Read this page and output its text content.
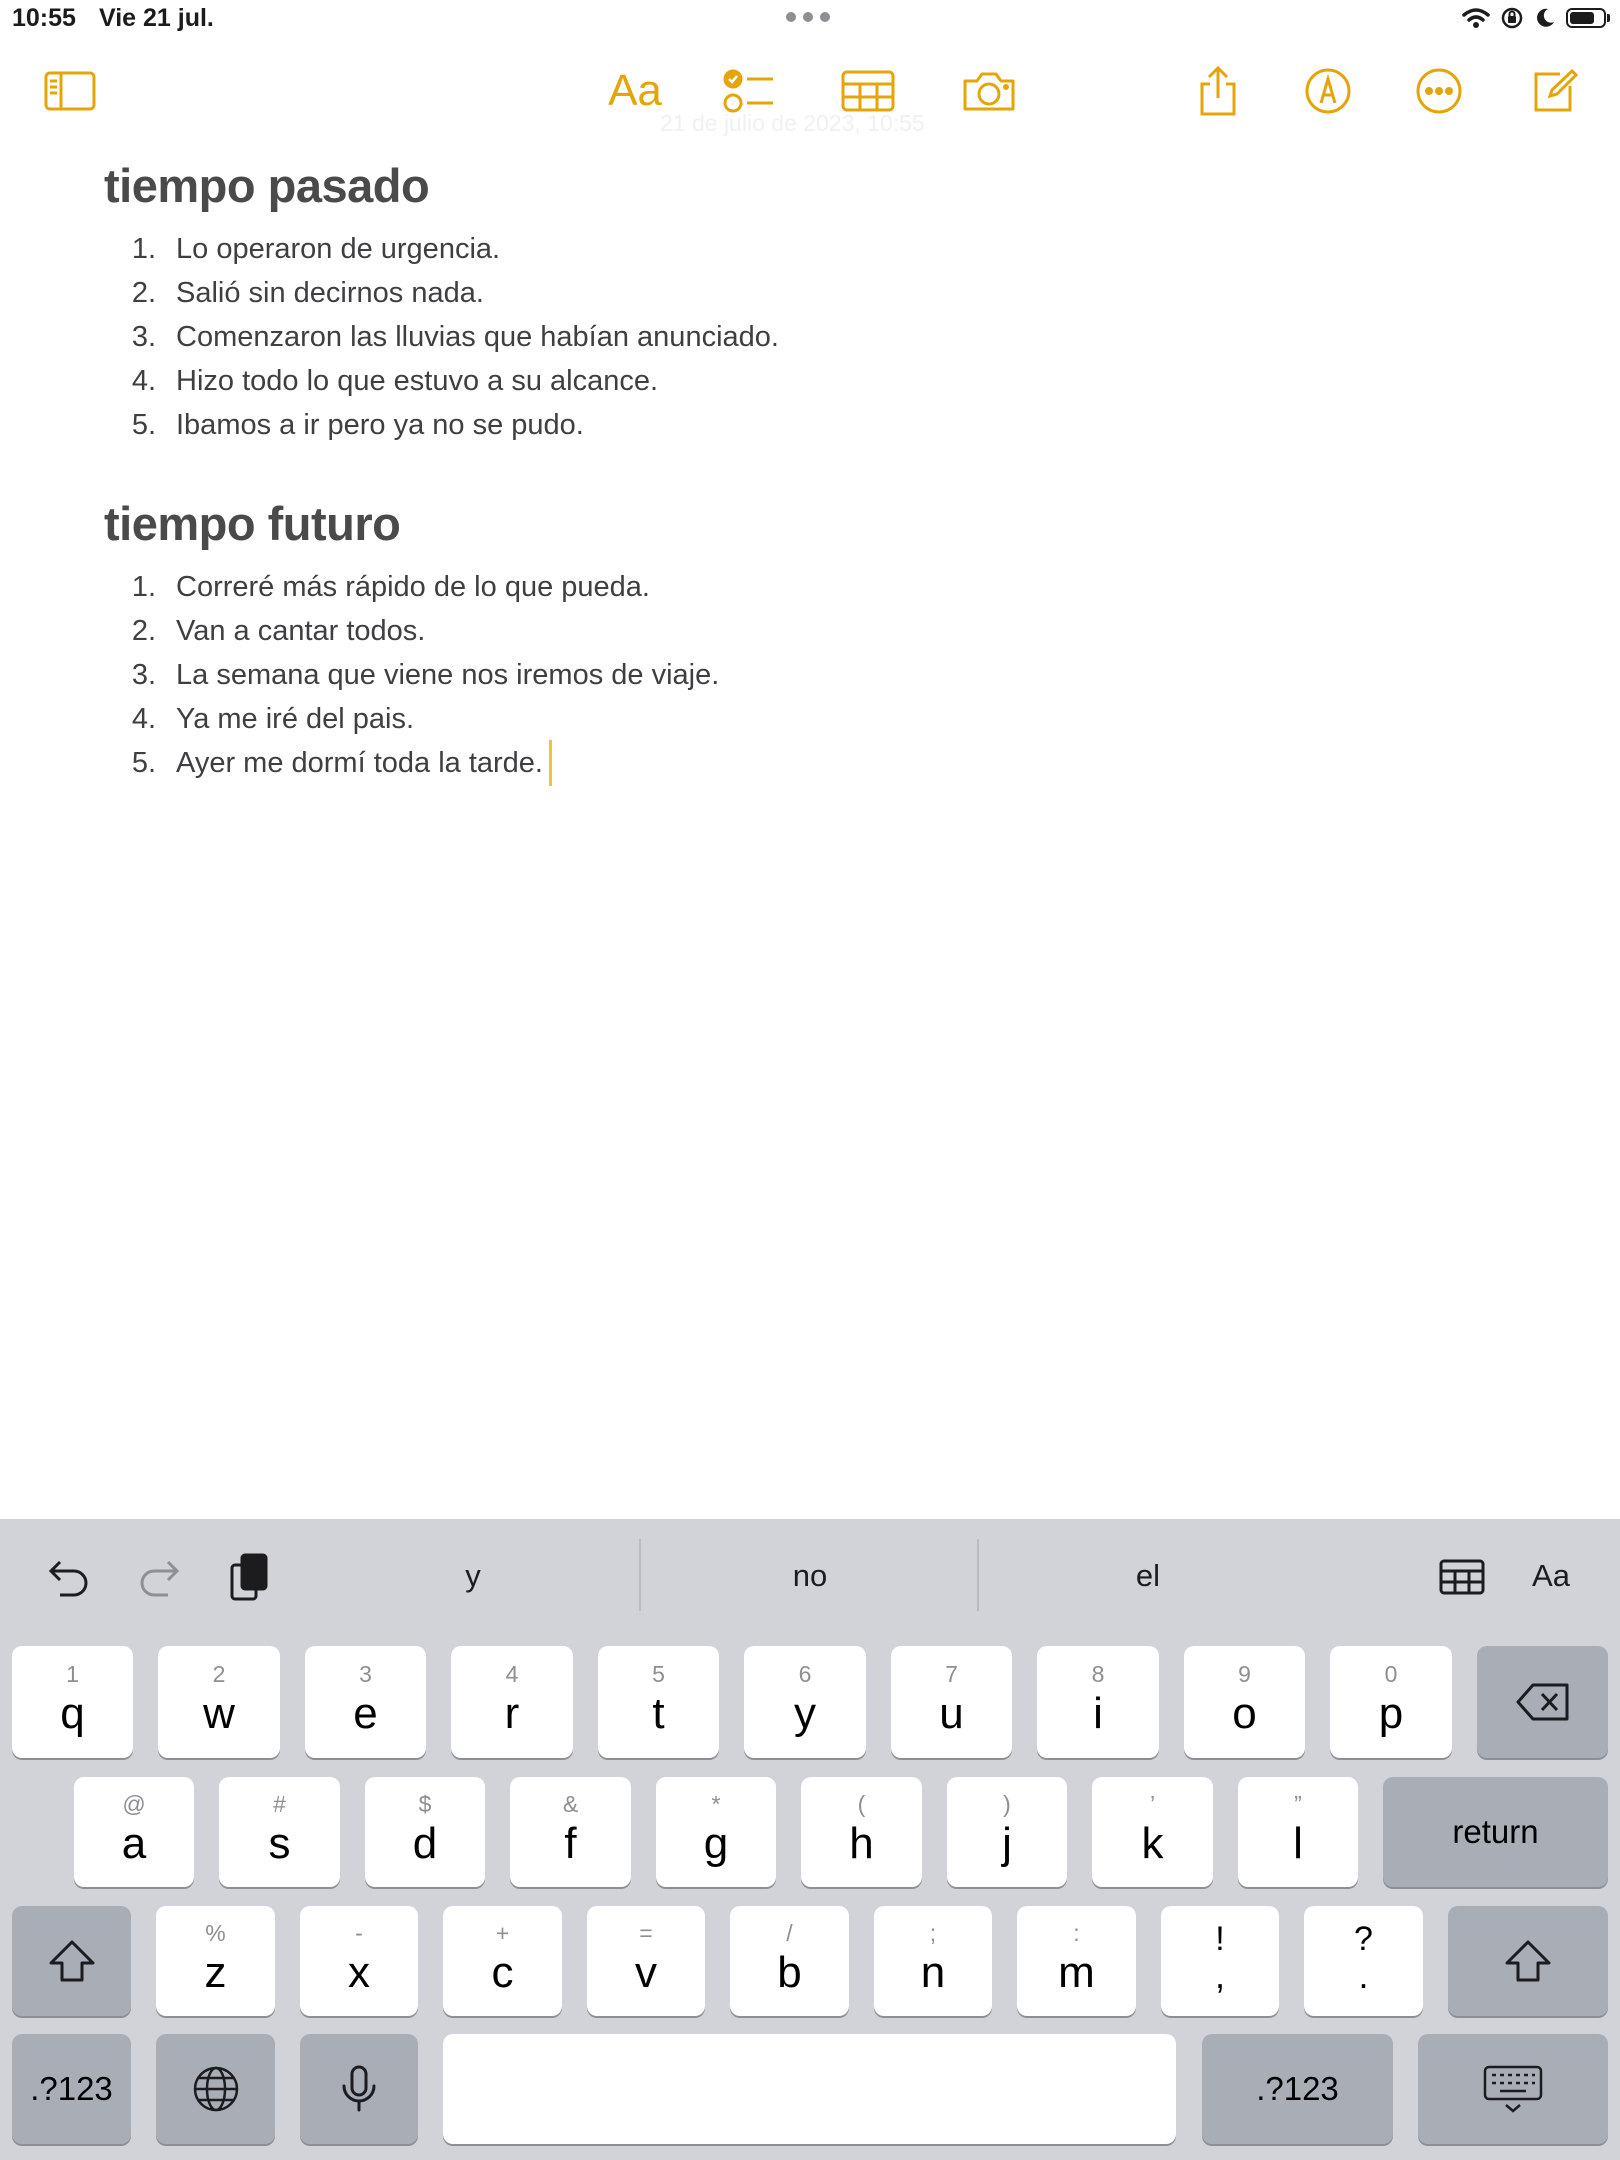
10:55 Vie 21 jul.
Aa
21 de julio de 2023, 10:55
tiempo pasado
1. Lo operaron de urgencia.
2. Salió sin decirnos nada.
3. Comenzaron las lluvias que habían anunciado.
4. Hizo todo lo que estuvo a su alcance.
5. Ibamos a ir pero ya no se pudo.
tiempo futuro
1. Correré más rápido de lo que pueda.
2. Van a cantar todos.
3. La semana que viene nos iremos de viaje.
4. Ya me iré del pais.
5. Ayer me dormí toda la tarde.
y	no	el	Aa
1
q
2
w
3
e
4
r
5
t
6
y
7
u
8
i
9
o
0
p
@
a
#
s
$
d
&
f
*
g
(
h
)
j
’
k
”
l	return
%
z
-
x
+
c
=
v
/
b
;
n
:
m
!
,
?
.
.?123	.?123
